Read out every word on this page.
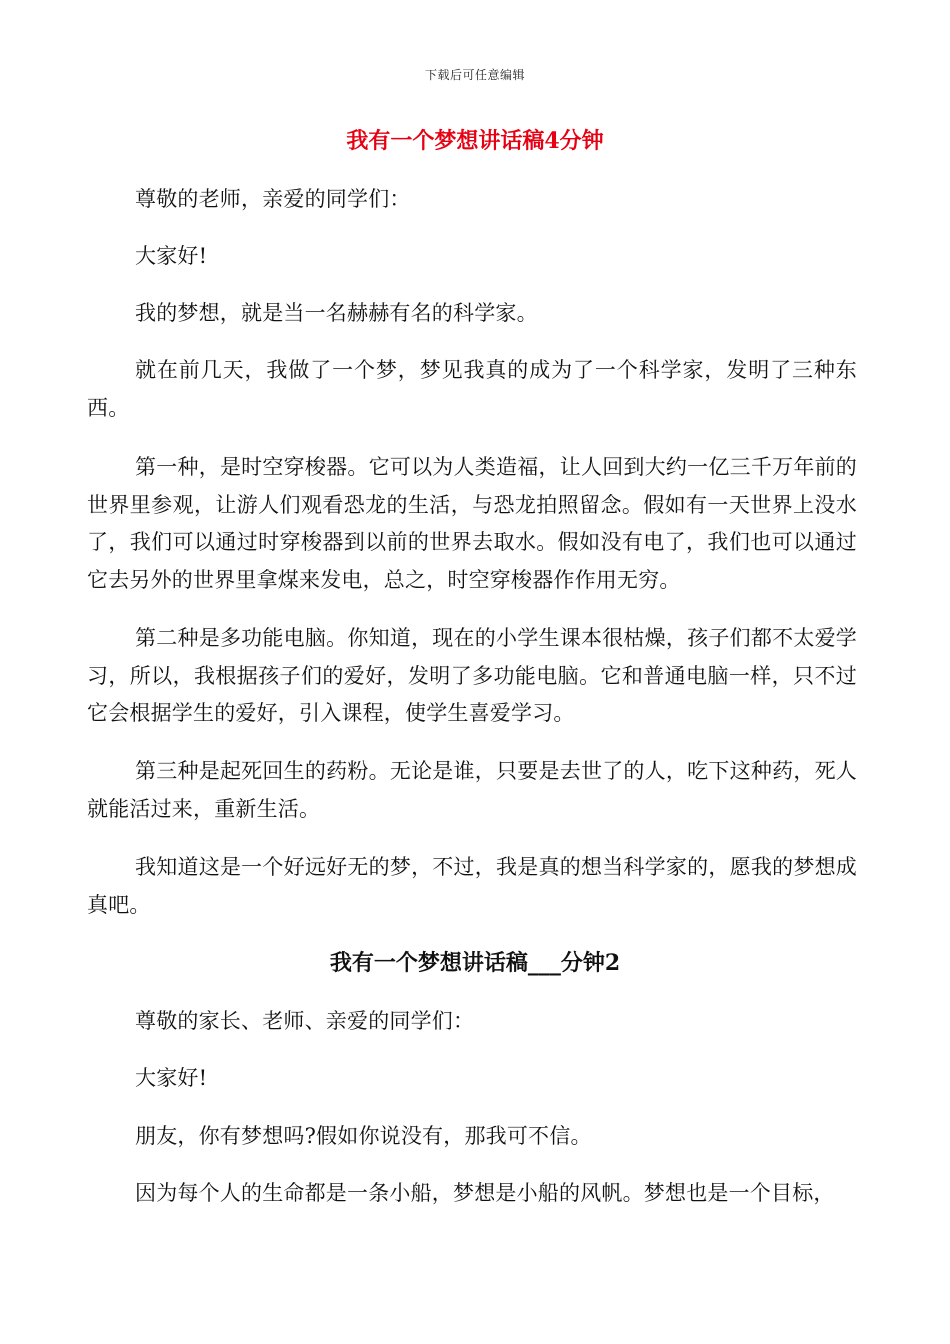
下载后可任意编辑
我有一个梦想讲话稿4分钟
尊敬的老师，亲爱的同学们：
大家好!
我的梦想，就是当一名赫赫有名的科学家。
就在前几天，我做了一个梦，梦见我真的成为了一个科学家，发明了三种东西。
第一种，是时空穿梭器。它可以为人类造福，让人回到大约一亿三千万年前的世界里参观，让游人们观看恐龙的生活，与恐龙拍照留念。假如有一天世界上没水了，我们可以通过时穿梭器到以前的世界去取水。假如没有电了，我们也可以通过它去另外的世界里拿煤来发电，总之，时空穿梭器作作用无穷。
第二种是多功能电脑。你知道，现在的小学生课本很枯燥，孩子们都不太爱学习，所以，我根据孩子们的爱好，发明了多功能电脑。它和普通电脑一样，只不过它会根据学生的爱好，引入课程，使学生喜爱学习。
第三种是起死回生的药粉。无论是谁，只要是去世了的人，吃下这种药，死人就能活过来，重新生活。
我知道这是一个好远好无的梦，不过，我是真的想当科学家的，愿我的梦想成真吧。
我有一个梦想讲话稿___分钟2
尊敬的家长、老师、亲爱的同学们：
大家好!
朋友，你有梦想吗?假如你说没有，那我可不信。
因为每个人的生命都是一条小船，梦想是小船的风帆。梦想也是一个目标，
